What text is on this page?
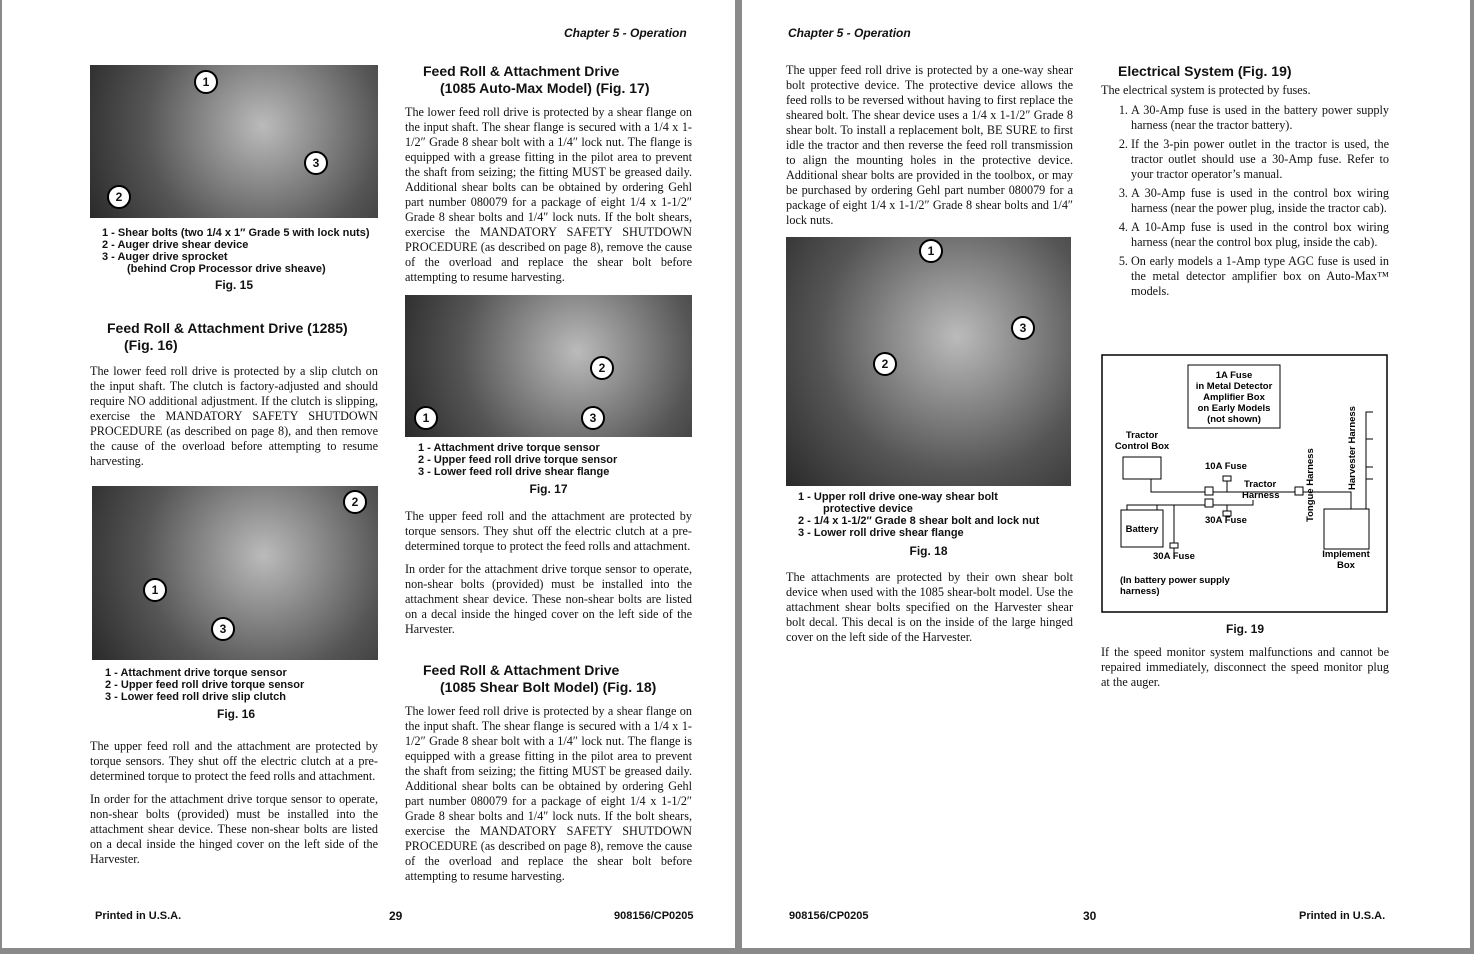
Chapter 5 - Operation
1
2
3
1 - Shear bolts (two 1/4 x 1″ Grade 5 with lock nuts)
2 - Auger drive shear device
3 - Auger drive sprocket
(behind Crop Processor drive sheave)
Fig. 15
Feed Roll & Attachment Drive (1285)
(Fig. 16)

The lower feed roll drive is protected by a slip clutch on the input shaft. The clutch is factory-adjusted and should require NO additional adjustment. If the clutch is slipping, exercise the MANDATORY SAFETY SHUTDOWN PROCEDURE (as described on page 8), and then remove the cause of the overload before attempting to resume harvesting.

2
1
3
1 - Attachment drive torque sensor
2 - Upper feed roll drive torque sensor
3 - Lower feed roll drive slip clutch
Fig. 16

The upper feed roll and the attachment are protected by torque sensors. They shut off the electric clutch at a pre-determined torque to protect the feed rolls and attachment.

In order for the attachment drive torque sensor to operate, non-shear bolts (provided) must be installed into the attachment shear device. These non-shear bolts are listed on a decal inside the hinged cover on the left side of the Harvester.

Feed Roll & Attachment Drive
(1085 Auto-Max Model) (Fig. 17)

The lower feed roll drive is protected by a shear flange on the input shaft. The shear flange is secured with a 1/4 x 1-1/2″ Grade 8 shear bolt with a 1/4″ lock nut. The flange is equipped with a grease fitting in the pilot area to prevent the shaft from seizing; the fitting MUST be greased daily. Additional shear bolts can be obtained by ordering Gehl part number 080079 for a package of eight 1/4 x 1-1/2″ Grade 8 shear bolts and 1/4″ lock nuts. If the bolt shears, exercise the MANDATORY SAFETY SHUTDOWN PROCEDURE (as described on page 8), remove the cause of the overload and replace the shear bolt before attempting to resume harvesting.

2
1	3
1 - Attachment drive torque sensor
2 - Upper feed roll drive torque sensor
3 - Lower feed roll drive shear flange
Fig. 17

The upper feed roll and the attachment are protected by torque sensors. They shut off the electric clutch at a pre-determined torque to protect the feed rolls and attachment.

In order for the attachment drive torque sensor to operate, non-shear bolts (provided) must be installed into the attachment shear device. These non-shear bolts are listed on a decal inside the hinged cover on the left side of the Harvester.

Feed Roll & Attachment Drive
(1085 Shear Bolt Model) (Fig. 18)

The lower feed roll drive is protected by a shear flange on the input shaft. The shear flange is secured with a 1/4 x 1-1/2″ Grade 8 shear bolt with a 1/4″ lock nut. The flange is equipped with a grease fitting in the pilot area to prevent the shaft from seizing; the fitting MUST be greased daily. Additional shear bolts can be obtained by ordering Gehl part number 080079 for a package of eight 1/4 x 1-1/2″ Grade 8 shear bolts and 1/4″ lock nuts. If the bolt shears, exercise the MANDATORY SAFETY SHUTDOWN PROCEDURE (as described on page 8), remove the cause of the overload and replace the shear bolt before attempting to resume harvesting.

Printed in U.S.A.	29	908156/CP0205
Chapter 5 - Operation

The upper feed roll drive is protected by a one-way shear bolt protective device. The protective device allows the feed rolls to be reversed without having to first replace the sheared bolt. The shear device uses a 1/4 x 1-1/2″ Grade 8 shear bolt. To install a replacement bolt, BE SURE to first idle the tractor and then reverse the feed roll transmission to align the mounting holes in the protective device. Additional shear bolts are provided in the toolbox, or may be purchased by ordering Gehl part number 080079 for a package of eight 1/4 x 1-1/2″ Grade 8 shear bolts and 1/4″ lock nuts.

1
3
2
1 - Upper roll drive one-way shear bolt
protective device
2 - 1/4 x 1-1/2″ Grade 8 shear bolt and lock nut
3 - Lower roll drive shear flange
Fig. 18

The attachments are protected by their own shear bolt device when used with the 1085 shear-bolt model. Use the attachment shear bolts specified on the Harvester shear bolt decal. This decal is on the inside of the large hinged cover on the left side of the Harvester.

Electrical System (Fig. 19)
The electrical system is protected by fuses.
1. A 30-Amp fuse is used in the battery power supply harness (near the tractor battery).
2. If the 3-pin power outlet in the tractor is used, the tractor outlet should use a 30-Amp fuse. Refer to your tractor operator’s manual.
3. A 30-Amp fuse is used in the control box wiring harness (near the power plug, inside the tractor cab).
4. A 10-Amp fuse is used in the control box wiring harness (near the control box plug, inside the cab).
5. On early models a 1-Amp type AGC fuse is used in the metal detector amplifier box on Auto-Max™ models.
1A Fuse
in Metal Detector
Amplifier Box
on Early Models
(not shown)
Tractor
Control Box
Battery
10A Fuse
Tractor
Harness
30A Fuse
30A Fuse
(In battery power supply
harness)
Tongue Harness	Harvester Harness
Implement
Box
Fig. 19

If the speed monitor system malfunctions and cannot be repaired immediately, disconnect the speed monitor plug at the auger.

908156/CP0205	30	Printed in U.S.A.
